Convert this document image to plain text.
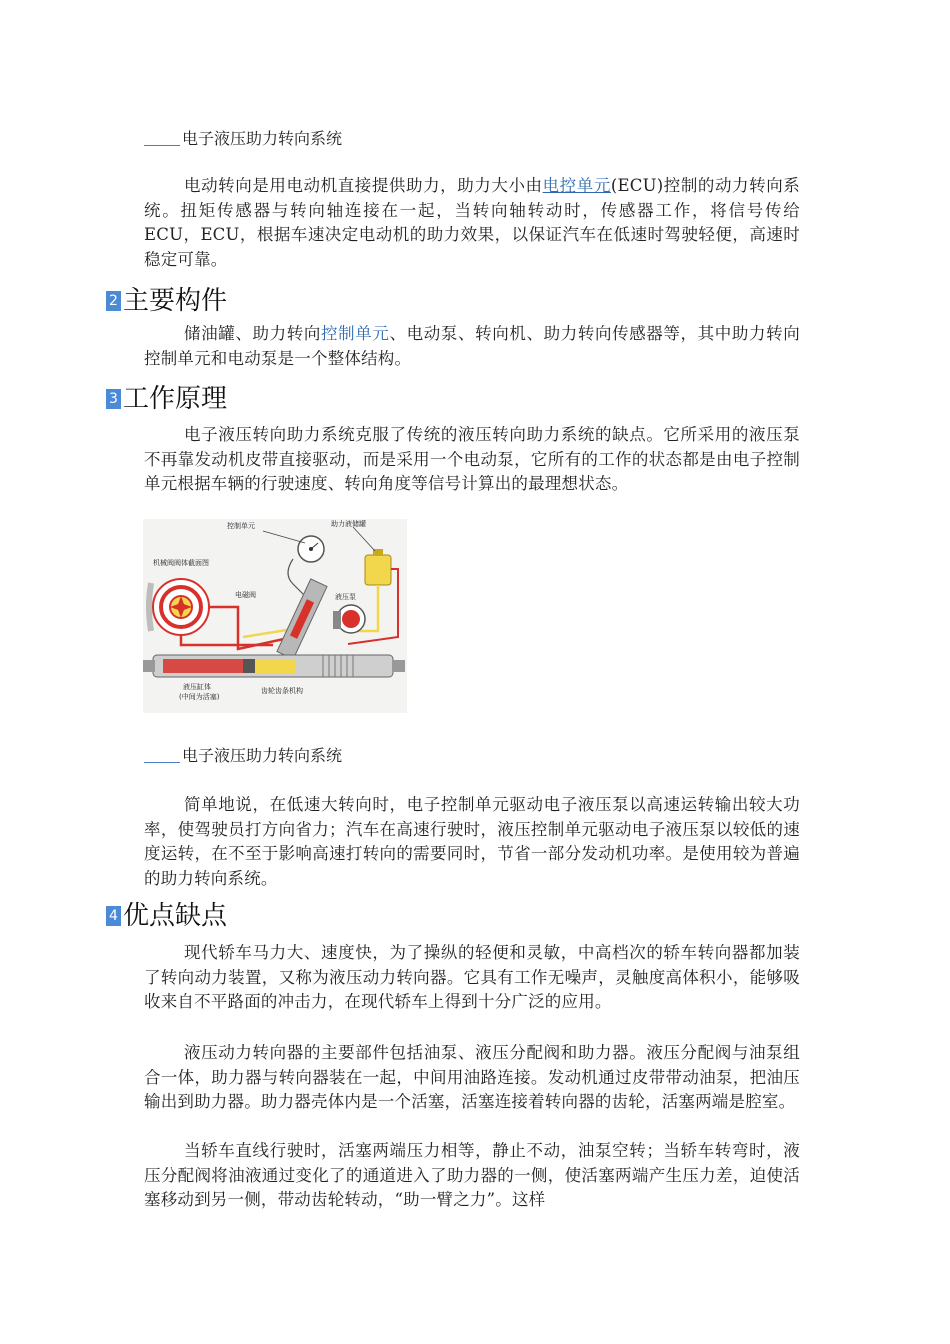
电子液压助力转向系统
电动转向是用电动机直接提供助力，助力大小由电控单元(ECU)控制的动力转向系统。扭矩传感器与转向轴连接在一起，当转向轴转动时，传感器工作，将信号传给ECU，ECU，根据车速决定电动机的助力效果，以保证汽车在低速时驾驶轻便，高速时稳定可靠。
2 主要构件
储油罐、助力转向控制单元、电动泵、转向机、助力转向传感器等，其中助力转向控制单元和电动泵是一个整体结构。
3 工作原理
电子液压转向助力系统克服了传统的液压转向助力系统的缺点。它所采用的液压泵不再靠发动机皮带直接驱动，而是采用一个电动泵，它所有的工作的状态都是由电子控制单元根据车辆的行驶速度、转向角度等信号计算出的最理想状态。
控制单元	助力液储罐
机械阀阀体截面图
电磁阀	液压泵
液压缸体
(中间为活塞)
齿轮齿条机构
电子液压助力转向系统
简单地说，在低速大转向时，电子控制单元驱动电子液压泵以高速运转输出较大功率，使驾驶员打方向省力；汽车在高速行驶时，液压控制单元驱动电子液压泵以较低的速度运转，在不至于影响高速打转向的需要同时，节省一部分发动机功率。是使用较为普遍的助力转向系统。
4 优点缺点
现代轿车马力大、速度快，为了操纵的轻便和灵敏，中高档次的轿车转向器都加装了转向动力装置，又称为液压动力转向器。它具有工作无噪声，灵触度高体积小，能够吸收来自不平路面的冲击力，在现代轿车上得到十分广泛的应用。
液压动力转向器的主要部件包括油泵、液压分配阀和助力器。液压分配阀与油泵组合一体，助力器与转向器装在一起，中间用油路连接。发动机通过皮带带动油泵，把油压输出到助力器。助力器壳体内是一个活塞，活塞连接着转向器的齿轮，活塞两端是腔室。
当轿车直线行驶时，活塞两端压力相等，静止不动，油泵空转；当轿车转弯时，液压分配阀将油液通过变化了的通道进入了助力器的一侧，使活塞两端产生压力差，迫使活塞移动到另一侧，带动齿轮转动，“助一臂之力”。这样
